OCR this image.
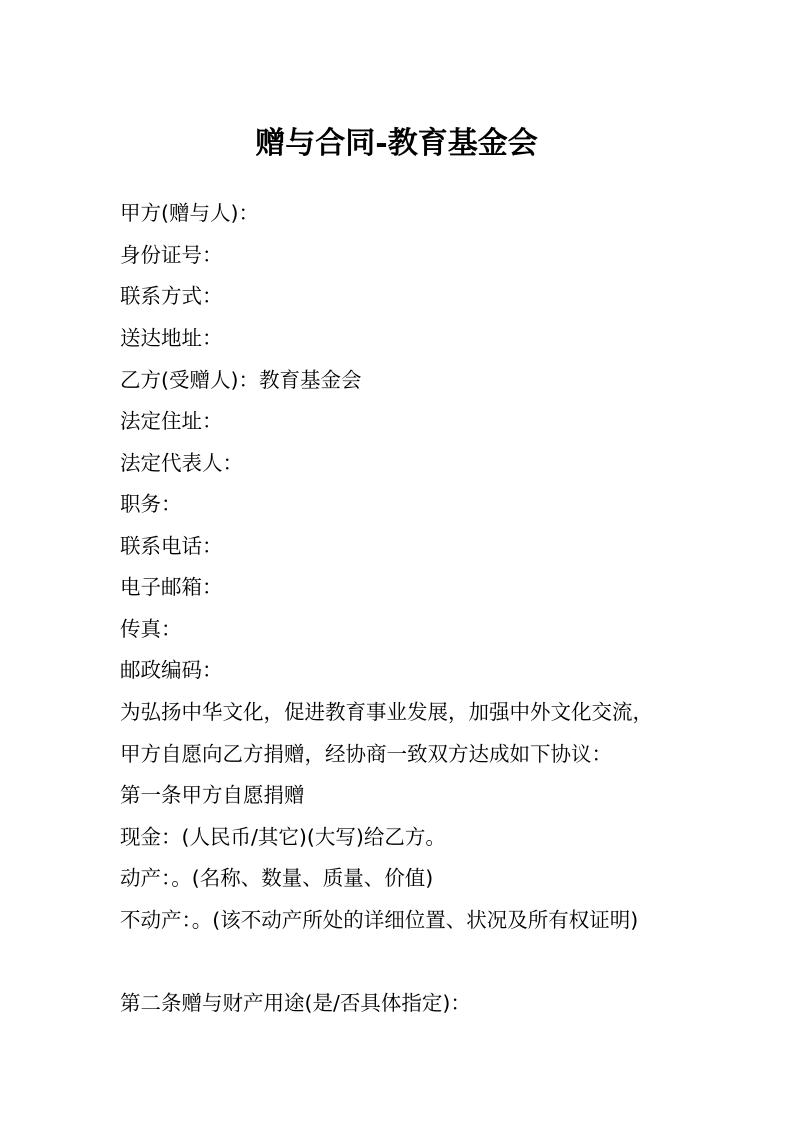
赠与合同-教育基金会
甲方(赠与人)：
身份证号：
联系方式：
送达地址：
乙方(受赠人)：教育基金会
法定住址：
法定代表人：
职务：
联系电话：
电子邮箱：
传真：
邮政编码：
为弘扬中华文化，促进教育事业发展，加强中外文化交流，
甲方自愿向乙方捐赠，经协商一致双方达成如下协议：
第一条甲方自愿捐赠
现金：(人民币/其它)(大写)给乙方。
动产：。(名称、数量、质量、价值)
不动产：。(该不动产所处的详细位置、状况及所有权证明)
第二条赠与财产用途(是/否具体指定)：
